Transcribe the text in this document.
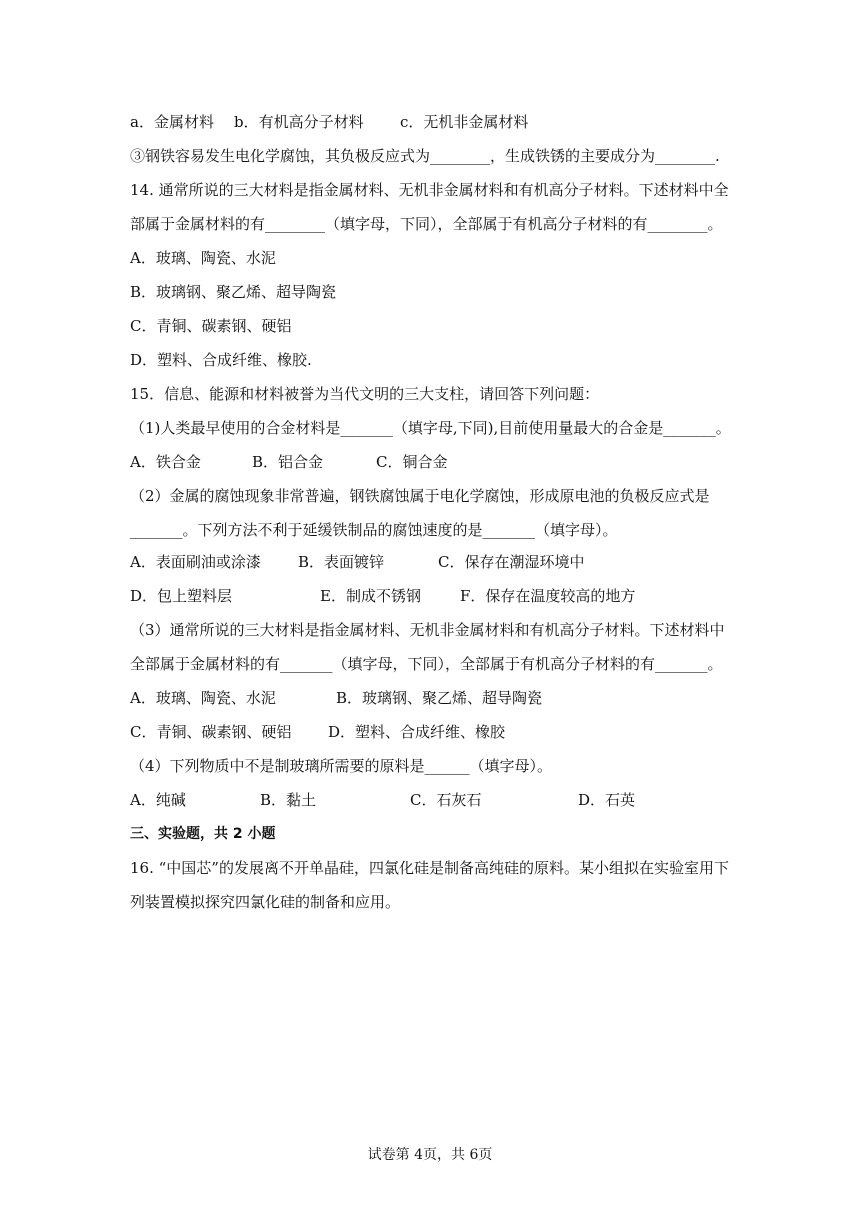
a．金属材料 b．有机高分子材料 c．无机非金属材料
③钢铁容易发生电化学腐蚀，其负极反应式为________，生成铁锈的主要成分为________.
14. 通常所说的三大材料是指金属材料、无机非金属材料和有机高分子材料。下述材料中全
部属于金属材料的有________（填字母，下同），全部属于有机高分子材料的有________。
A．玻璃、陶瓷、水泥
B．玻璃钢、聚乙烯、超导陶瓷
C．青铜、碳素钢、硬铝
D．塑料、合成纤维、橡胶.
15．信息、能源和材料被誉为当代文明的三大支柱，请回答下列问题：
（1)人类最早使用的合金材料是_______（填字母,下同),目前使用量最大的合金是_______。
A．铁合金	B．铝合金	C．铜合金
（2）金属的腐蚀现象非常普遍，钢铁腐蚀属于电化学腐蚀，形成原电池的负极反应式是
_______。下列方法不利于延缓铁制品的腐蚀速度的是_______（填字母）。
A．表面刷油或涂漆 B．表面镀锌	C．保存在潮湿环境中
D．包上塑料层	E．制成不锈钢	F．保存在温度较高的地方
（3）通常所说的三大材料是指金属材料、无机非金属材料和有机高分子材料。下述材料中
全部属于金属材料的有_______（填字母，下同），全部属于有机高分子材料的有_______。
A．玻璃、陶瓷、水泥	B．玻璃钢、聚乙烯、超导陶瓷
C．青铜、碳素钢、硬铝 D．塑料、合成纤维、橡胶
（4）下列物质中不是制玻璃所需要的原料是______（填字母）。
A．纯碱	B．黏土	C．石灰石	D．石英
三、实验题，共 2 小题
16. “中国芯”的发展离不开单晶硅，四氯化硅是制备高纯硅的原料。某小组拟在实验室用下
列装置模拟探究四氯化硅的制备和应用。
试卷第 4页，共 6页
